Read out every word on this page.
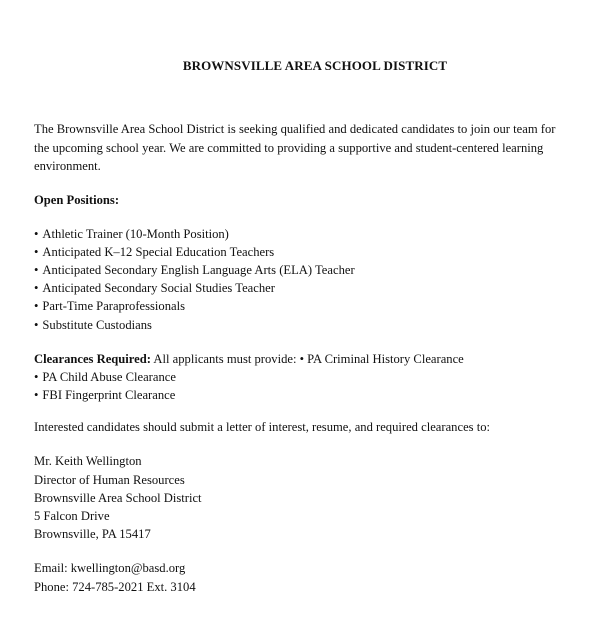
BROWNSVILLE AREA SCHOOL DISTRICT
The Brownsville Area School District is seeking qualified and dedicated candidates to join our team for the upcoming school year. We are committed to providing a supportive and student-centered learning environment.
Open Positions:
• Athletic Trainer (10-Month Position)
• Anticipated K–12 Special Education Teachers
• Anticipated Secondary English Language Arts (ELA) Teacher
• Anticipated Secondary Social Studies Teacher
• Part-Time Paraprofessionals
• Substitute Custodians
Clearances Required: All applicants must provide: • PA Criminal History Clearance
• PA Child Abuse Clearance
• FBI Fingerprint Clearance
Interested candidates should submit a letter of interest, resume, and required clearances to:
Mr. Keith Wellington
Director of Human Resources
Brownsville Area School District
5 Falcon Drive
Brownsville, PA 15417
Email: kwellington@basd.org
Phone: 724-785-2021 Ext. 3104
